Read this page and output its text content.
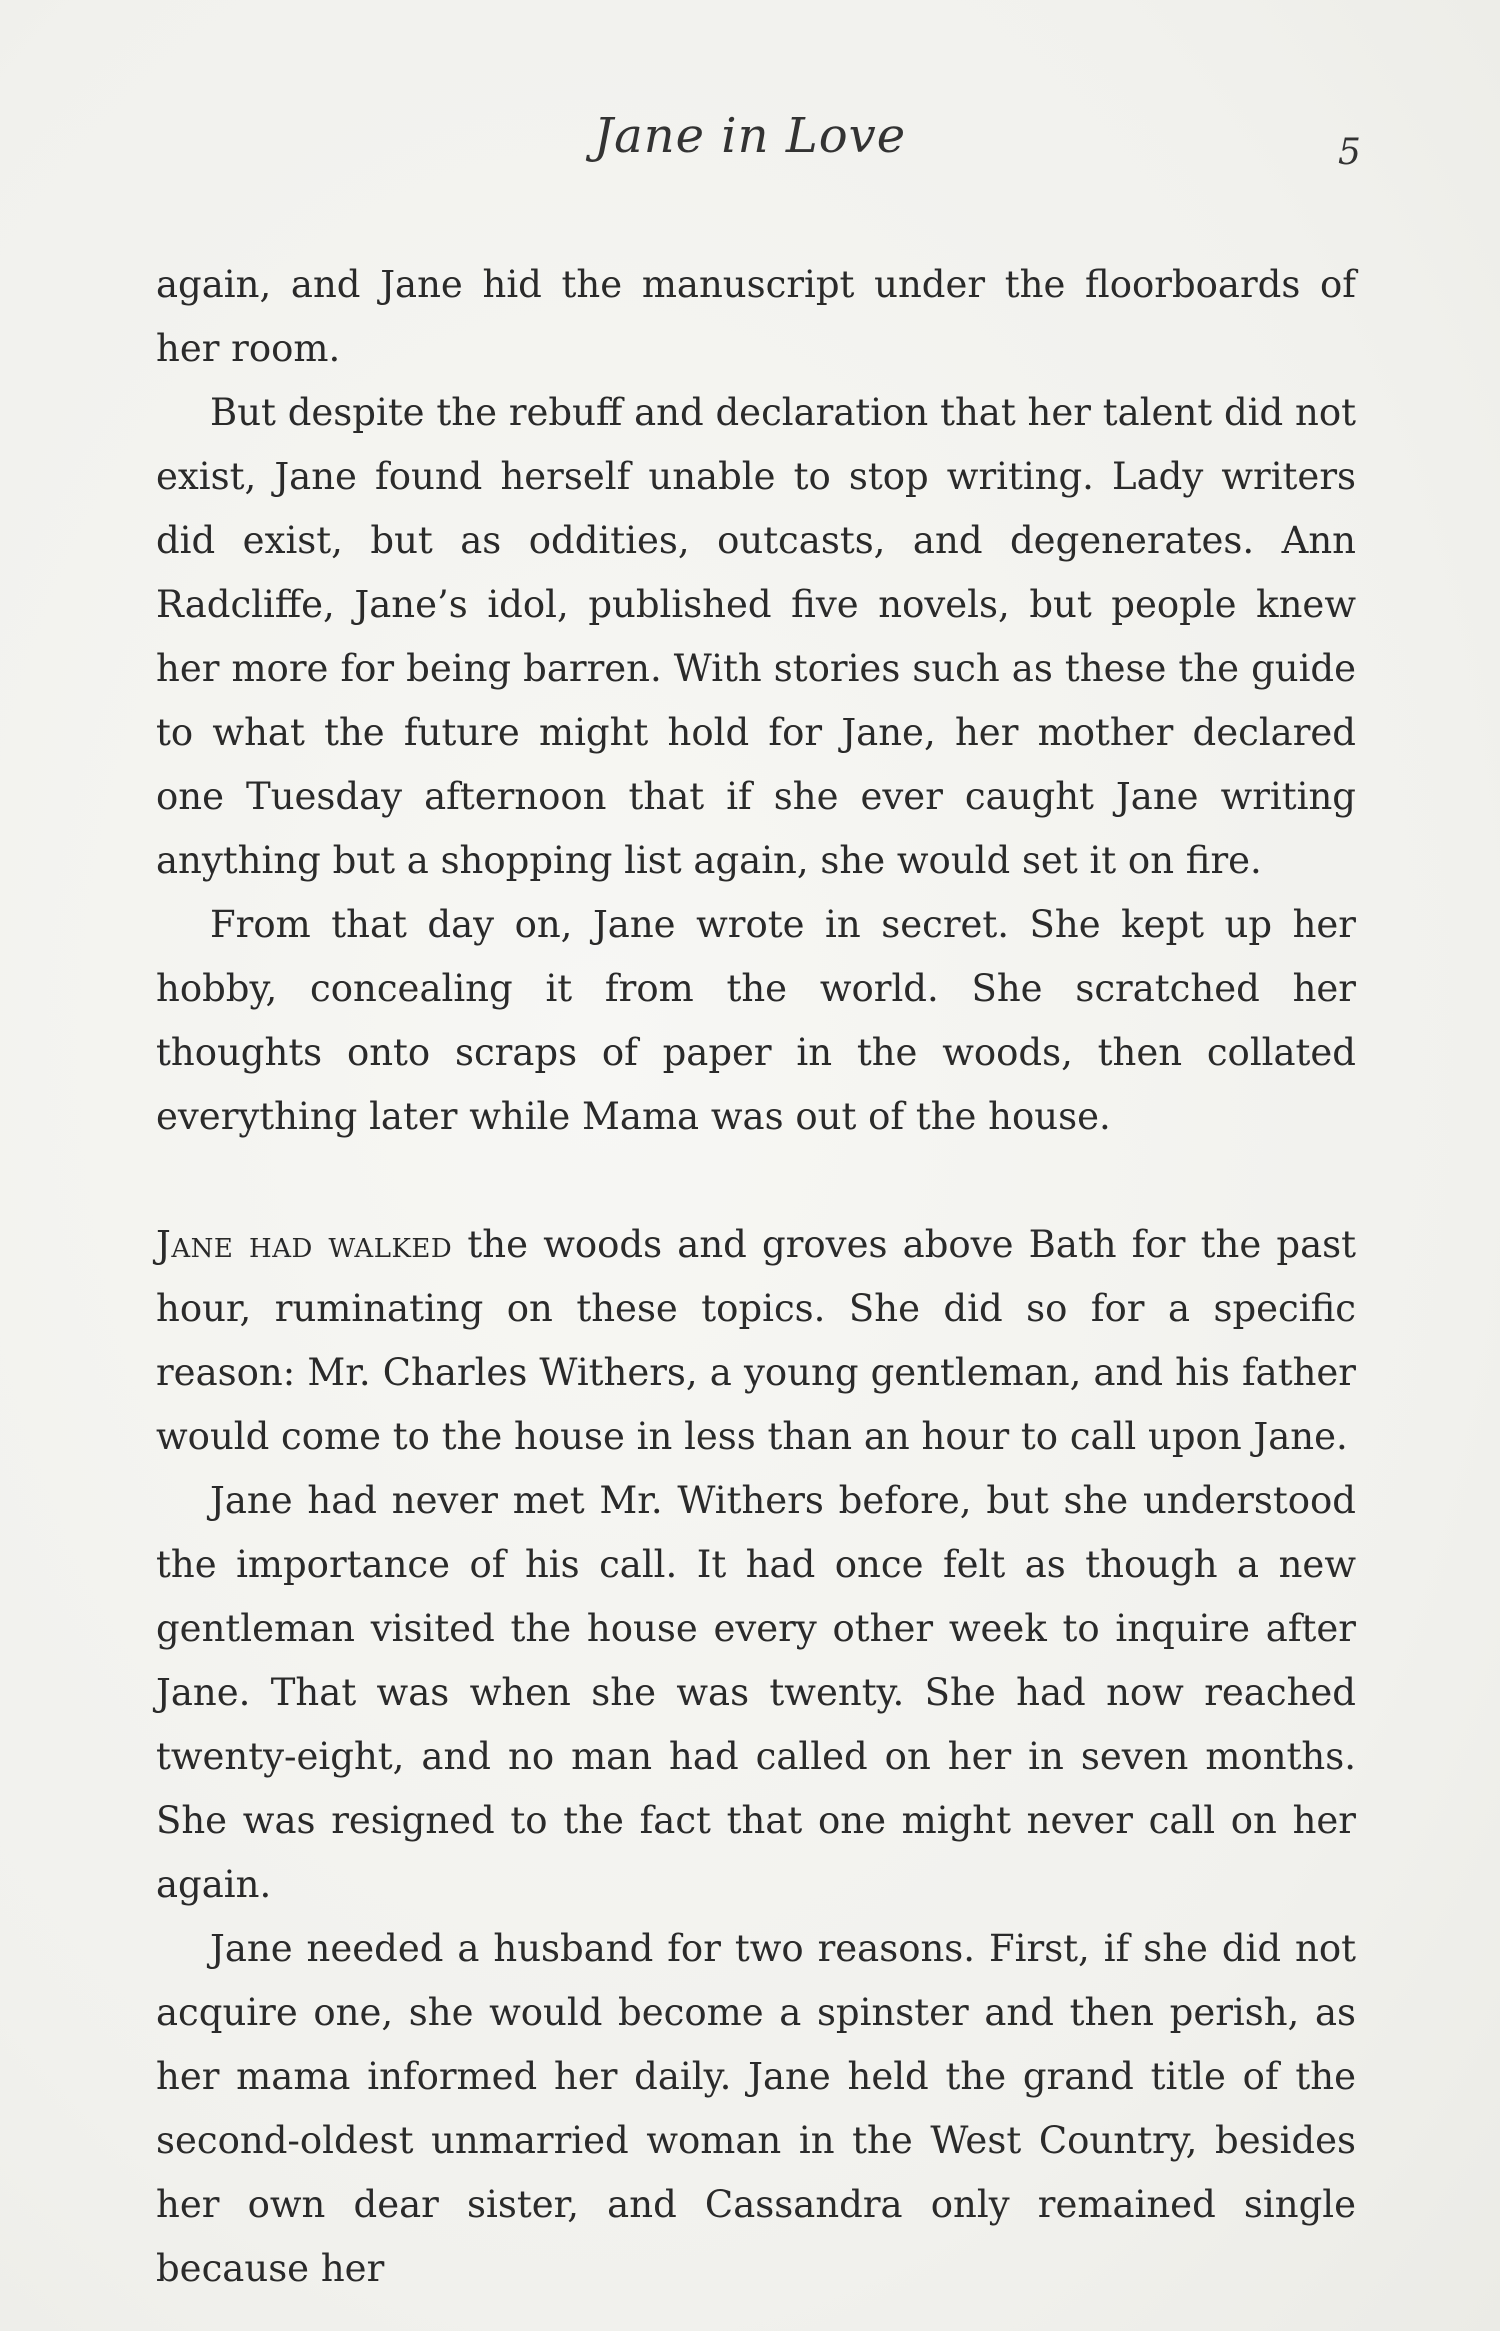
Jane in Love	5

again, and Jane hid the manuscript under the floorboards of her room.

But despite the rebuff and declaration that her talent did not exist, Jane found herself unable to stop writing. Lady writers did exist, but as oddities, outcasts, and degenerates. Ann Radcliffe, Jane’s idol, published five novels, but people knew her more for being barren. With stories such as these the guide to what the future might hold for Jane, her mother declared one Tuesday afternoon that if she ever caught Jane writing anything but a shopping list again, she would set it on fire.

From that day on, Jane wrote in secret. She kept up her hobby, concealing it from the world. She scratched her thoughts onto scraps of paper in the woods, then collated everything later while Mama was out of the house.

Jane had walked the woods and groves above Bath for the past hour, ruminating on these topics. She did so for a specific reason: Mr. Charles Withers, a young gentleman, and his father would come to the house in less than an hour to call upon Jane.

Jane had never met Mr. Withers before, but she understood the importance of his call. It had once felt as though a new gentleman visited the house every other week to inquire after Jane. That was when she was twenty. She had now reached twenty-eight, and no man had called on her in seven months. She was resigned to the fact that one might never call on her again.

Jane needed a husband for two reasons. First, if she did not acquire one, she would become a spinster and then perish, as her mama informed her daily. Jane held the grand title of the second-oldest unmarried woman in the West Country, besides her own dear sister, and Cassandra only remained single because her
